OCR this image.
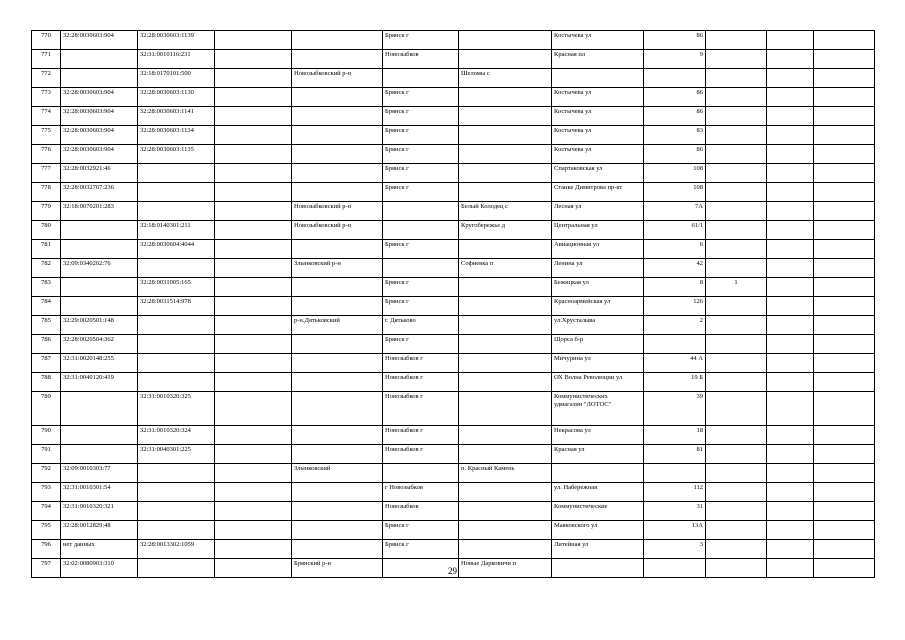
770	32:28:0030603:904	32:28:0030603:1139			Брянск г		Костычева ул	86			
771		32:31:0010116:231			Новозыбков		Красная пл	9			
772		32:18:0170101:500		Новозыбковский р-н		Шеломы с					
773	32:28:0030603:904	32:28:0030603:1130			Брянск г		Костычева ул	86			
774	32:28:0030603:904	32:28:0030603:1141			Брянск г		Костычева ул	86			
775	32:28:0030603:904	32:28:0030603:1134			Брянск г		Костычева ул	83			
776	32:28:0030603:904	32:28:0030603:1135			Брянск г		Костычева ул	86			
777	32:28:0032921:46				Брянск г		Спартаковская ул	108			
778	32:28:0032707:236				Брянск г		Станке Димитрова пр-кт	108			
779	32:18:0070201:283			Новозыбковский р-н		Белый Колодец с	Лесная ул	7А			
780		32:18:0140301:211		Новозыбковский р-н		Кругобережье д	Центральная ул	61/1			
781		32:28:0030604:4044			Брянск г		Авиационная ул	6			
782	32:09:0340202:76			Злынковский р-н		Софиевка п	Ленина ул	42			
783		32:28:0031005:165			Брянск г		Бежицкая ул	8	1		
784		32:28:0031514:978			Брянск г		Красноармейская ул	126			
785	32:29:0020501:148			р-н.Дятьковский	г. Дятьково		ул.Хрусталыва	2			
786	32:28:0020504:362				Брянск г		Щорса б-р				
787	32:31:0020148:255				Новозыбков г		Мичурина ул	44 А			
788	32:31:0040120:419				Новозыбков г		ОХ Волна Революции ул	19 Б			
789		32:31:0010320:325			Новозыбков г		Коммунистических
удмагазин "ЛОТОС"	39			
790		32:31:0010320:324			Новозыбков г		Некрасова ул	18			
791		32:31:0040301:225			Новозыбков г		Красная ул	81			
792	32:09:0010303:77			Злынковский		п. Красный Камень					
793	32:31:0010301:54				г Новозыбков		ул. Набережная	112			
794	32:31:0010320:321				Новозыбков		Коммунистические	31			
795	32:28:0012829:48				Брянск г		Маяковского ул	13А			
796	нет данных	32:28:0013302:1059			Брянск г		Литейная ул	3			
797	32:02:0080903:310			Брянский р-н		Новые Дарковичи п					
29
